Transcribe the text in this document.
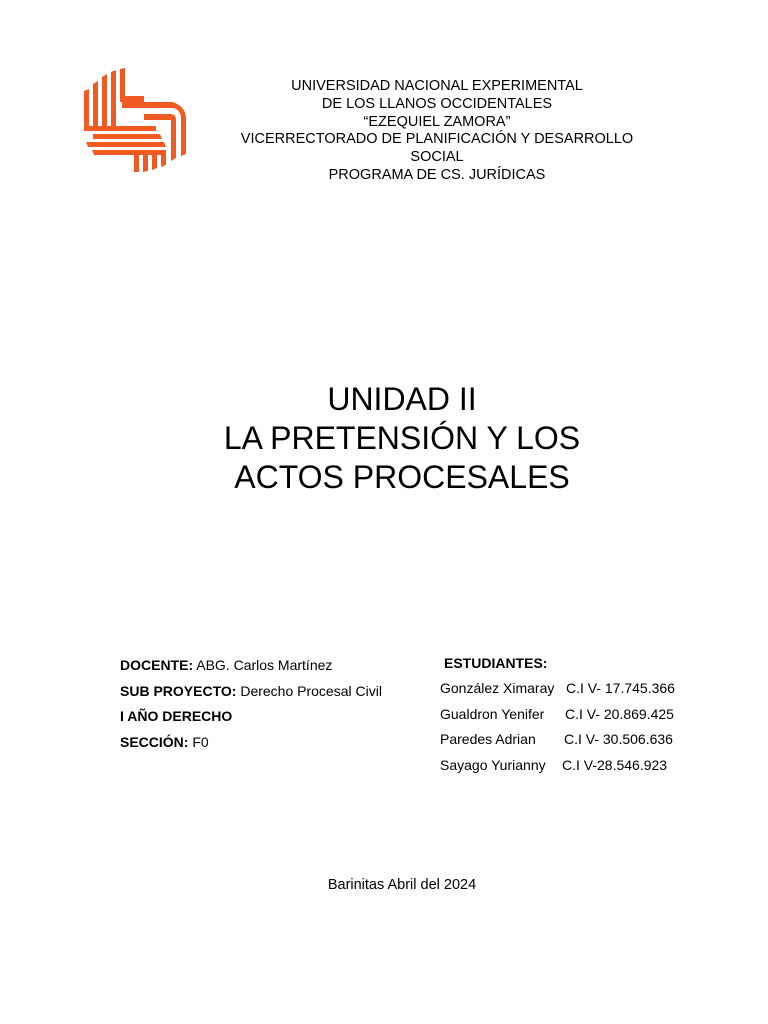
UNIVERSIDAD NACIONAL EXPERIMENTAL
DE LOS LLANOS OCCIDENTALES
“EZEQUIEL ZAMORA”
VICERRECTORADO DE PLANIFICACIÓN Y DESARROLLO
SOCIAL
PROGRAMA DE CS. JURÍDICAS
UNIDAD II
LA PRETENSIÓN Y LOS
ACTOS PROCESALES
DOCENTE: ABG. Carlos Martínez
SUB PROYECTO: Derecho Procesal Civil
I AÑO DERECHO
SECCIÓN: F0
ESTUDIANTES:
González Ximaray C.I V- 17.745.366
Gualdron Yenifer C.I V- 20.869.425
Paredes Adrian C.I V- 30.506.636
Sayago Yurianny C.I V-28.546.923
Barinitas Abril del 2024
